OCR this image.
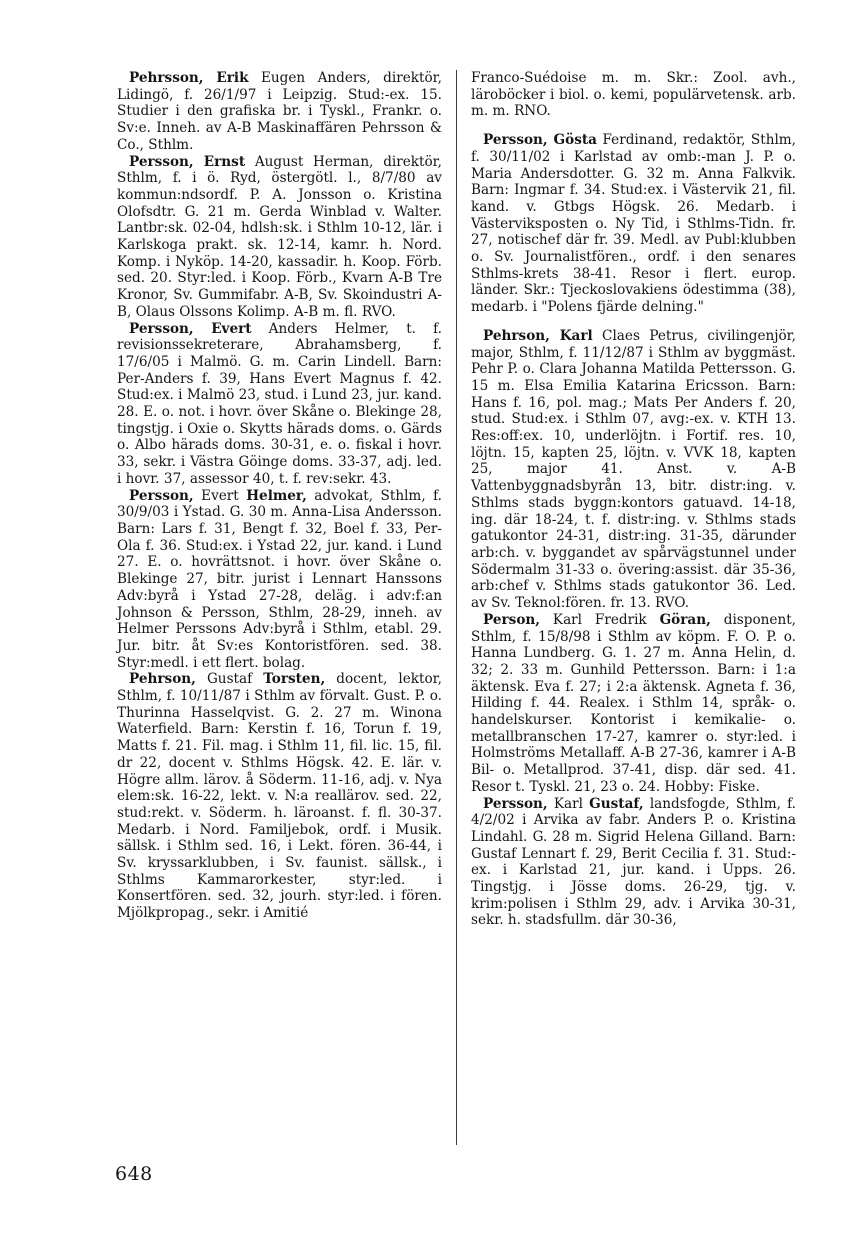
Pehrsson, Erik Eugen Anders, direktör, Lidingö, f. 26/1/97 i Leipzig. Stud:-ex. 15. Studier i den grafiska br. i Tyskl., Frankr. o. Sv:e. Inneh. av A-B Maskinaffären Pehrsson & Co., Sthlm.

Persson, Ernst August Herman, direktör, Sthlm, f. i ö. Ryd, östergötl. l., 8/7/80 av kommun:ndsordf. P. A. Jonsson o. Kristina Olofsdtr. G. 21 m. Gerda Winblad v. Walter. Lantbr:sk. 02-04, hdlsh:sk. i Sthlm 10-12, lär. i Karlskoga prakt. sk. 12-14, kamr. h. Nord. Komp. i Nyköp. 14-20, kassadir. h. Koop. Förb. sed. 20. Styr:led. i Koop. Förb., Kvarn A-B Tre Kronor, Sv. Gummifabr. A-B, Sv. Skoindustri A-B, Olaus Olssons Kolimp. A-B m. fl. RVO.

Persson, Evert Anders Helmer, t. f. revisionssekreterare, Abrahamsberg, f. 17/6/05 i Malmö. G. m. Carin Lindell. Barn: Per-Anders f. 39, Hans Evert Magnus f. 42. Stud:ex. i Malmö 23, stud. i Lund 23, jur. kand. 28. E. o. not. i hovr. över Skåne o. Blekinge 28, tingstjg. i Oxie o. Skytts härads doms. o. Gärds o. Albo härads doms. 30-31, e. o. fiskal i hovr. 33, sekr. i Västra Göinge doms. 33-37, adj. led. i hovr. 37, assessor 40, t. f. rev:sekr. 43.

Persson, Evert Helmer, advokat, Sthlm, f. 30/9/03 i Ystad. G. 30 m. Anna-Lisa Andersson. Barn: Lars f. 31, Bengt f. 32, Boel f. 33, Per-Ola f. 36. Stud:ex. i Ystad 22, jur. kand. i Lund 27. E. o. hovrättsnot. i hovr. över Skåne o. Blekinge 27, bitr. jurist i Lennart Hanssons Adv:byrå i Ystad 27-28, deläg. i adv:f:an Johnson & Persson, Sthlm, 28-29, inneh. av Helmer Perssons Adv:byrå i Sthlm, etabl. 29. Jur. bitr. åt Sv:es Kontoristfören. sed. 38. Styr:medl. i ett flert. bolag.

Pehrson, Gustaf Torsten, docent, lektor, Sthlm, f. 10/11/87 i Sthlm av förvalt. Gust. P. o. Thurinna Hasselqvist. G. 2. 27 m. Winona Waterfield. Barn: Kerstin f. 16, Torun f. 19, Matts f. 21. Fil. mag. i Sthlm 11, fil. lic. 15, fil. dr 22, docent v. Sthlms Högsk. 42. E. lär. v. Högre allm. lärov. å Söderm. 11-16, adj. v. Nya elem:sk. 16-22, lekt. v. N:a reallärov. sed. 22, stud:rekt. v. Söderm. h. läroanst. f. fl. 30-37. Medarb. i Nord. Familjebok, ordf. i Musik. sällsk. i Sthlm sed. 16, i Lekt. fören. 36-44, i Sv. kryssarklubben, i Sv. faunist. sällsk., i Sthlms Kammarorkester, styr:led. i Konsertfören. sed. 32, jourh. styr:led. i fören. Mjölkpropag., sekr. i Amitié

Franco-Suédoise m. m. Skr.: Zool. avh., läroböcker i biol. o. kemi, populärvetensk. arb. m. m. RNO.

Persson, Gösta Ferdinand, redaktör, Sthlm, f. 30/11/02 i Karlstad av omb:-man J. P. o. Maria Andersdotter. G. 32 m. Anna Falkvik. Barn: Ingmar f. 34. Stud:ex. i Västervik 21, fil. kand. v. Gtbgs Högsk. 26. Medarb. i Västerviksposten o. Ny Tid, i Sthlms-Tidn. fr. 27, notischef där fr. 39. Medl. av Publ:klubben o. Sv. Journalistfören., ordf. i den senares Sthlms-krets 38-41. Resor i flert. europ. länder. Skr.: Tjeckoslovakiens ödestimma (38), medarb. i "Polens fjärde delning."

Pehrson, Karl Claes Petrus, civilingenjör, major, Sthlm, f. 11/12/87 i Sthlm av byggmäst. Pehr P. o. Clara Johanna Matilda Pettersson. G. 15 m. Elsa Emilia Katarina Ericsson. Barn: Hans f. 16, pol. mag.; Mats Per Anders f. 20, stud. Stud:ex. i Sthlm 07, avg:-ex. v. KTH 13. Res:off:ex. 10, underlöjtn. i Fortif. res. 10, löjtn. 15, kapten 25, löjtn. v. VVK 18, kapten 25, major 41. Anst. v. A-B Vattenbyggnadsbyrån 13, bitr. distr:ing. v. Sthlms stads byggn:kontors gatuavd. 14-18, ing. där 18-24, t. f. distr:ing. v. Sthlms stads gatukontor 24-31, distr:ing. 31-35, därunder arb:ch. v. byggandet av spårvägstunnel under Södermalm 31-33 o. övering:assist. där 35-36, arb:chef v. Sthlms stads gatukontor 36. Led. av Sv. Teknol:fören. fr. 13. RVO.

Person, Karl Fredrik Göran, disponent, Sthlm, f. 15/8/98 i Sthlm av köpm. F. O. P. o. Hanna Lundberg. G. 1. 27 m. Anna Helin, d. 32; 2. 33 m. Gunhild Pettersson. Barn: i 1:a äktensk. Eva f. 27; i 2:a äktensk. Agneta f. 36, Hilding f. 44. Realex. i Sthlm 14, språk- o. handelskurser. Kontorist i kemikalie- o. metallbranschen 17-27, kamrer o. styr:led. i Holmströms Metallaff. A-B 27-36, kamrer i A-B Bil- o. Metallprod. 37-41, disp. där sed. 41. Resor t. Tyskl. 21, 23 o. 24. Hobby: Fiske.

Persson, Karl Gustaf, landsfogde, Sthlm, f. 4/2/02 i Arvika av fabr. Anders P. o. Kristina Lindahl. G. 28 m. Sigrid Helena Gilland. Barn: Gustaf Lennart f. 29, Berit Cecilia f. 31. Stud:-ex. i Karlstad 21, jur. kand. i Upps. 26. Tingstjg. i Jösse doms. 26-29, tjg. v. krim:polisen i Sthlm 29, adv. i Arvika 30-31, sekr. h. stadsfullm. där 30-36,

648
